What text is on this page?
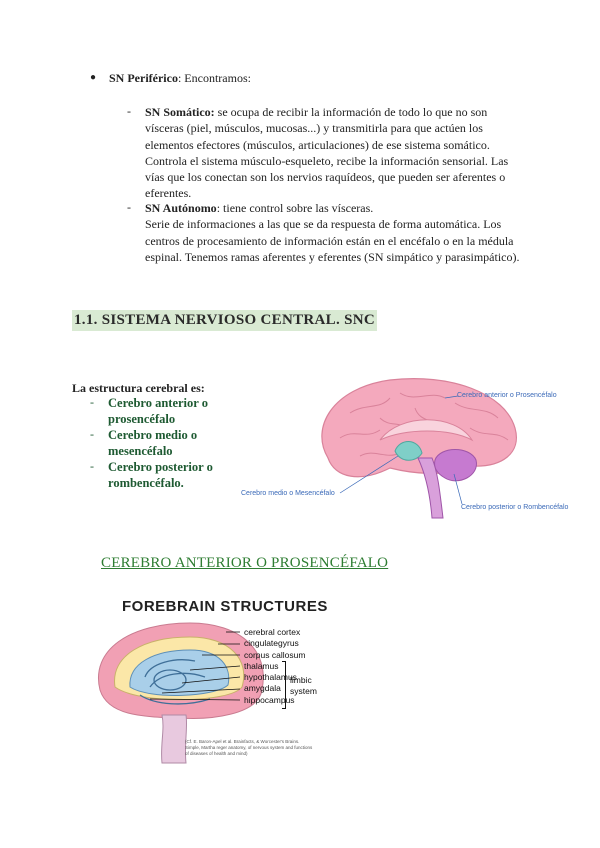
● SN Periférico: Encontramos:
- SN Somático: se ocupa de recibir la información de todo lo que no son
vísceras (piel, músculos, mucosas...) y transmitirla para que actúen los
elementos efectores (músculos, articulaciones) de ese sistema somático.
Controla el sistema músculo-esqueleto, recibe la información sensorial. Las
vías que los conectan son los nervios raquídeos, que pueden ser aferentes o
eferentes.
- SN Autónomo: tiene control sobre las vísceras.
Serie de informaciones a las que se da respuesta de forma automática. Los
centros de procesamiento de información están en el encéfalo o en la médula
espinal. Tenemos ramas aferentes y eferentes (SN simpático y parasimpático).
1.1. SISTEMA NERVIOSO CENTRAL. SNC
La estructura cerebral es:
- Cerebro anterior o
prosencéfalo
- Cerebro medio o
mesencéfalo
- Cerebro posterior o
rombencéfalo.
Cerebro anterior o Prosencéfalo
Cerebro medio o Mesencéfalo
Cerebro posterior o Rombencéfalo
CEREBRO ANTERIOR O PROSENCÉFALO
FOREBRAIN STRUCTURES
cerebral cortex
cingulategyrus
corpus callosum
thalamus
hypothalamus
amygdala
hippocampus
limbic
system
(Cf. E. Baron-Apel et al. Brainfacts, & Worcester's Brains.
Simple, Martha reger anatomy, of nervous system and functions
of diseases of health and mind)
